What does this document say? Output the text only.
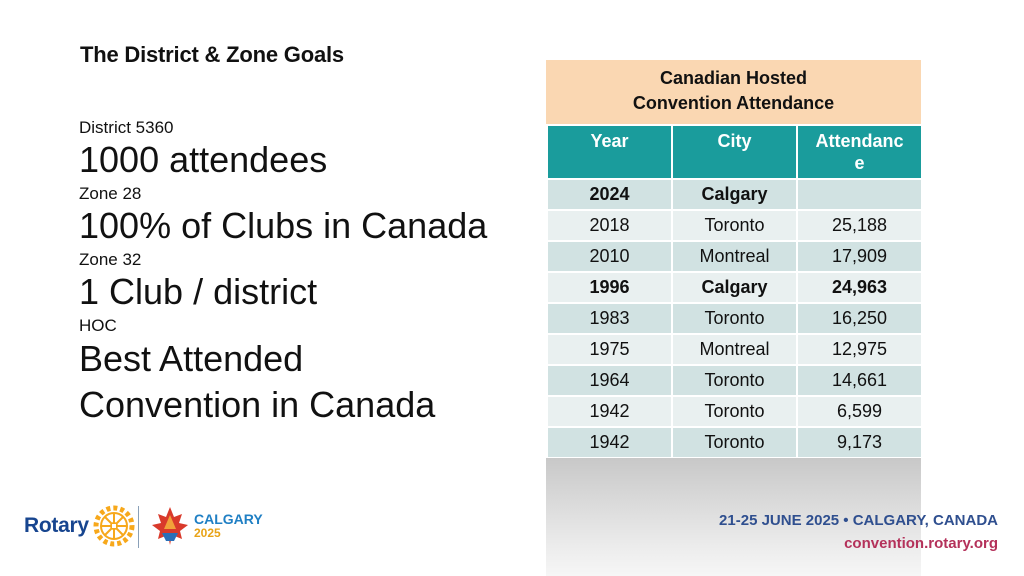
The District & Zone Goals
District 5360
1000 attendees
Zone 28
100% of Clubs in Canada
Zone 32
1 Club / district
HOC
Best Attended
Convention in Canada
Canadian Hosted
Convention Attendance
Year	City	Attendanc
e

2024	Calgary	
2018	Toronto	25,188
2010	Montreal	17,909
1996	Calgary	24,963
1983	Toronto	16,250
1975	Montreal	12,975
1964	Toronto	14,661
1942	Toronto	6,599
1942	Toronto	9,173
Rotary	CALGARY
2025
21-25 JUNE 2025 • CALGARY, CANADA
convention.rotary.org
